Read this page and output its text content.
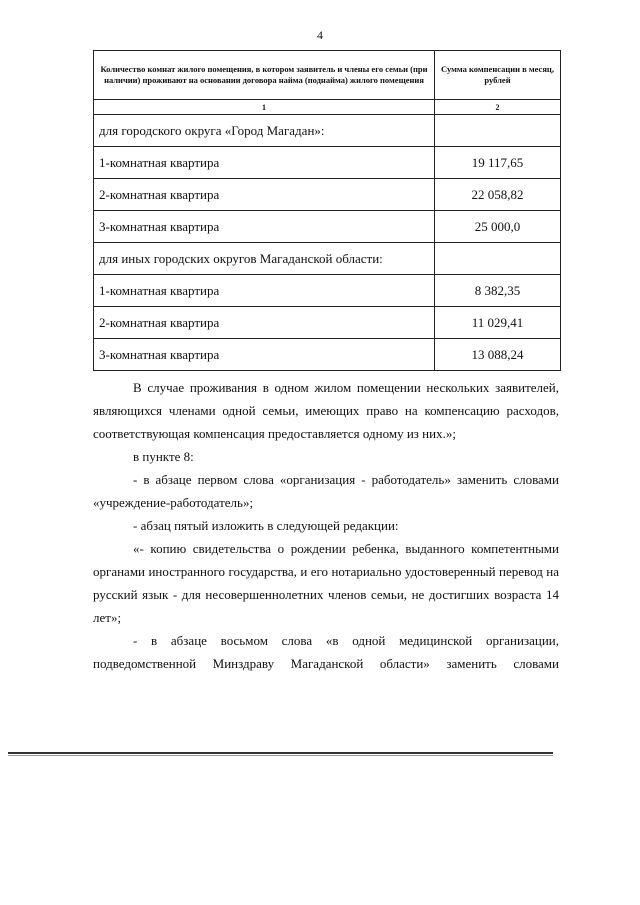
4
Количество комнат жилого помещения, в котором заявитель и члены его семьи (при наличии) проживают на основании договора найма (поднайма) жилого помещения	Сумма компенсации в месяц, рублей
1	2
для городского округа «Город Магадан»:	
1-комнатная квартира	19 117,65
2-комнатная квартира	22 058,82
3-комнатная квартира	25 000,0
для иных городских округов Магаданской области:	
1-комнатная квартира	8 382,35
2-комнатная квартира	11 029,41
3-комнатная квартира	13 088,24

В случае проживания в одном жилом помещении нескольких заявителей, являющихся членами одной семьи, имеющих право на компенсацию расходов, соответствующая компенсация предоставляется одному из них.»;

в пункте 8:

- в абзаце первом слова «организация - работодатель» заменить словами «учреждение-работодатель»;

- абзац пятый изложить в следующей редакции:

«- копию свидетельства о рождении ребенка, выданного компетентными органами иностранного государства, и его нотариально удостоверенный перевод на русский язык - для несовершеннолетних членов семьи, не достигших возраста 14 лет»;

- в абзаце восьмом слова «в одной медицинской организации, подведомственной Минздраву Магаданской области» заменить словами
